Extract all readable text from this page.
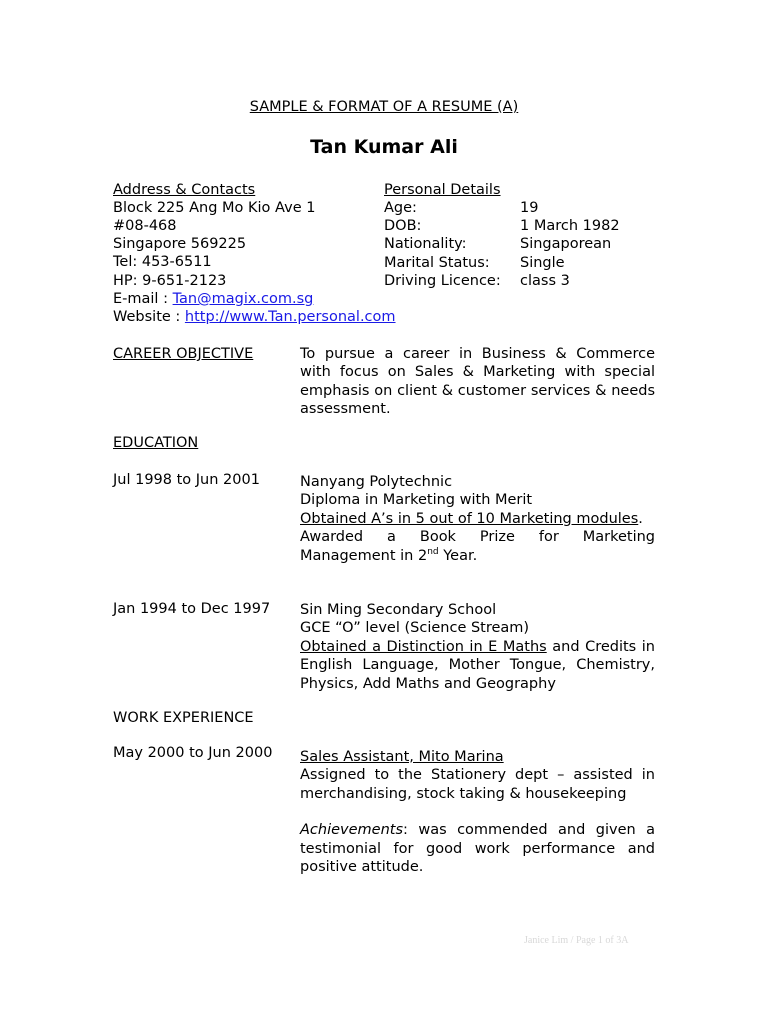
SAMPLE & FORMAT OF A RESUME (A)
Tan Kumar Ali
Address & Contacts
Block 225 Ang Mo Kio Ave 1
#08-468
Singapore 569225
Tel: 453-6511
HP: 9-651-2123
E-mail : Tan@magix.com.sg
Website : http://www.Tan.personal.com
Personal Details
Age:	19
DOB:	1 March 1982
Nationality:	Singaporean
Marital Status: Single
Driving Licence: class 3
CAREER OBJECTIVE	To pursue a career in Business & Commerce with focus on Sales & Marketing with special emphasis on client & customer services & needs assessment.
EDUCATION
Jul 1998 to Jun 2001	Nanyang Polytechnic
Diploma in Marketing with Merit
Obtained A’s in 5 out of 10 Marketing modules.
Awarded a Book Prize for Marketing Management in 2nd Year.
Jan 1994 to Dec 1997 Sin Ming Secondary School
GCE “O” level (Science Stream)
Obtained a Distinction in E Maths and Credits in English Language, Mother Tongue, Chemistry, Physics, Add Maths and Geography
WORK EXPERIENCE
May 2000 to Jun 2000 Sales Assistant, Mito Marina
Assigned to the Stationery dept – assisted in merchandising, stock taking & housekeeping
Achievements: was commended and given a testimonial for good work performance and positive attitude.
Janice Lim / Page 1 of 3A
